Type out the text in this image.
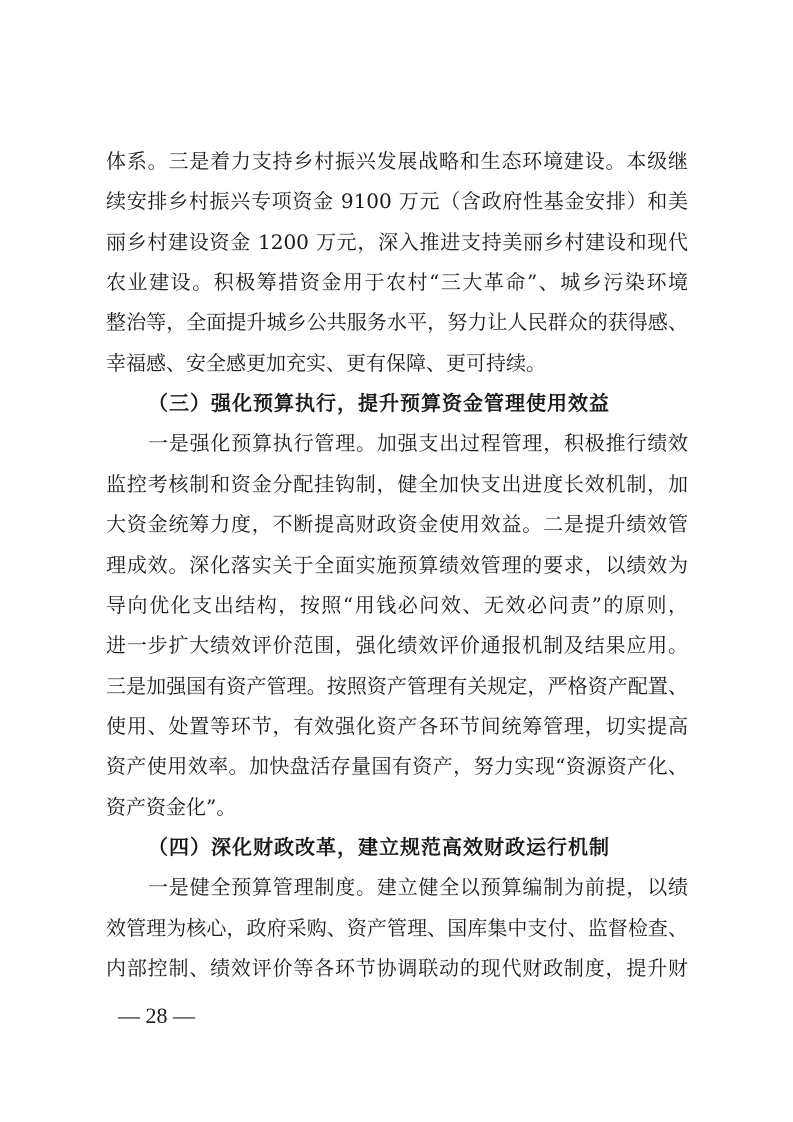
体系。三是着力支持乡村振兴发展战略和生态环境建设。本级继
续安排乡村振兴专项资金 9100 万元（含政府性基金安排）和美
丽乡村建设资金 1200 万元，深入推进支持美丽乡村建设和现代
农业建设。积极筹措资金用于农村“三大革命”、城乡污染环境
整治等，全面提升城乡公共服务水平，努力让人民群众的获得感、
幸福感、安全感更加充实、更有保障、更可持续。
（三）强化预算执行，提升预算资金管理使用效益
一是强化预算执行管理。加强支出过程管理，积极推行绩效
监控考核制和资金分配挂钩制，健全加快支出进度长效机制，加
大资金统筹力度，不断提高财政资金使用效益。二是提升绩效管
理成效。深化落实关于全面实施预算绩效管理的要求，以绩效为
导向优化支出结构，按照“用钱必问效、无效必问责”的原则，
进一步扩大绩效评价范围，强化绩效评价通报机制及结果应用。
三是加强国有资产管理。按照资产管理有关规定，严格资产配置、
使用、处置等环节，有效强化资产各环节间统筹管理，切实提高
资产使用效率。加快盘活存量国有资产，努力实现“资源资产化、
资产资金化”。
（四）深化财政改革，建立规范高效财政运行机制
一是健全预算管理制度。建立健全以预算编制为前提，以绩
效管理为核心，政府采购、资产管理、国库集中支付、监督检查、
内部控制、绩效评价等各环节协调联动的现代财政制度，提升财
— 28 —
